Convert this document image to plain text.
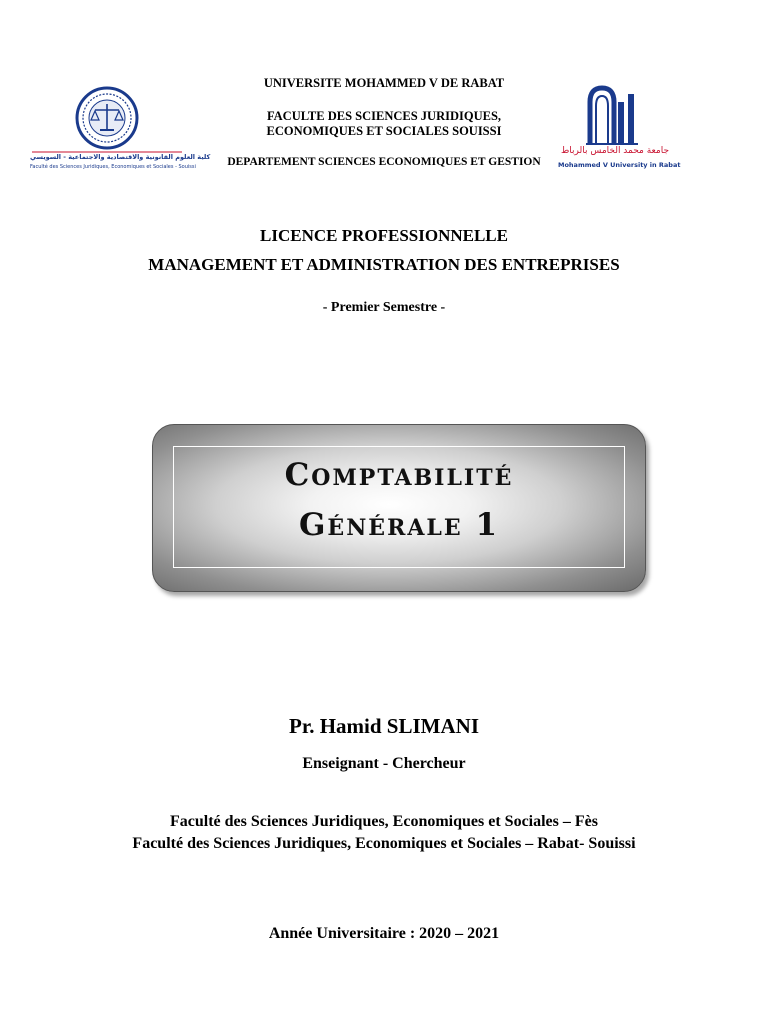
UNIVERSITE MOHAMMED V DE RABAT
FACULTE DES SCIENCES JURIDIQUES,
ECONOMIQUES ET SOCIALES SOUISSI
DEPARTEMENT SCIENCES ECONOMIQUES ET GESTION
كلية العلوم القانونية والاقتصادية والاجتماعية - السويسي
Faculté des Sciences Juridiques, Economiques et Sociales - Souissi
جامعة محمد الخامس بالرباط
Mohammed V University in Rabat
LICENCE PROFESSIONNELLE
MANAGEMENT ET ADMINISTRATION DES ENTREPRISES
- Premier Semestre -
Comptabilité
Générale 1
Pr. Hamid SLIMANI
Enseignant - Chercheur
Faculté des Sciences Juridiques, Economiques et Sociales – Fès
Faculté des Sciences Juridiques, Economiques et Sociales – Rabat- Souissi
Année Universitaire : 2020 – 2021
